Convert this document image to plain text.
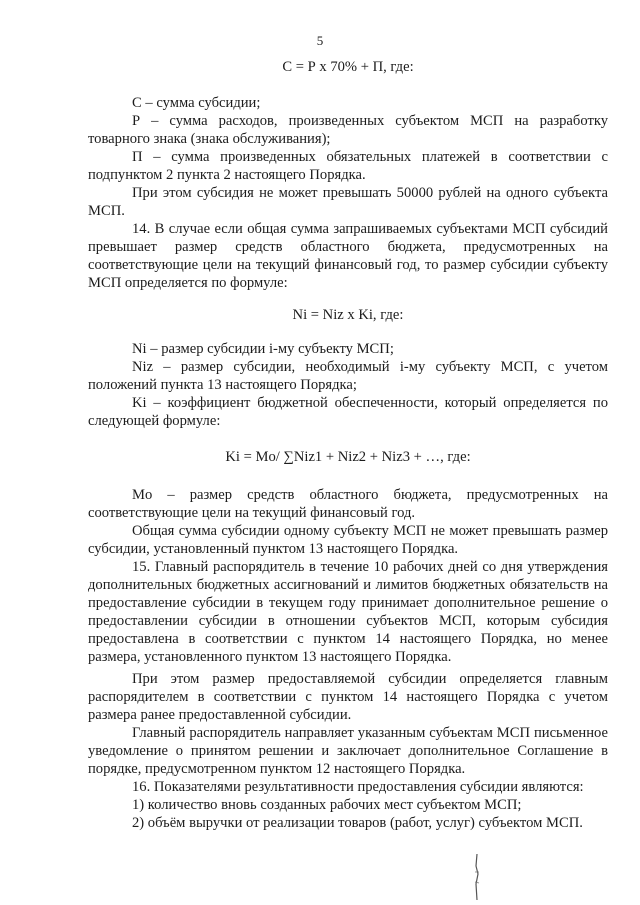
5
С = Р х 70% + П, где:

С – сумма субсидии;

Р – сумма расходов, произведенных субъектом МСП на разработку товарного знака (знака обслуживания);

П – сумма произведенных обязательных платежей в соответствии с подпунктом 2 пункта 2 настоящего Порядка.

При этом субсидия не может превышать 50000 рублей на одного субъекта МСП.

14. В случае если общая сумма запрашиваемых субъектами МСП субсидий превышает размер средств областного бюджета, предусмотренных на соответствующие цели на текущий финансовый год, то размер субсидии субъекту МСП определяется по формуле:

Ni = Niz x Ki, где:

Ni – размер субсидии i-му субъекту МСП;

Niz – размер субсидии, необходимый i-му субъекту МСП, с учетом положений пункта 13 настоящего Порядка;

Ki – коэффициент бюджетной обеспеченности, который определяется по следующей формуле:

Ki = Mo/ ∑Niz1 + Niz2 + Niz3 + …, где:

Mo – размер средств областного бюджета, предусмотренных на соответствующие цели на текущий финансовый год.

Общая сумма субсидии одному субъекту МСП не может превышать размер субсидии, установленный пунктом 13 настоящего Порядка.

15. Главный распорядитель в течение 10 рабочих дней со дня утверждения дополнительных бюджетных ассигнований и лимитов бюджетных обязательств на предоставление субсидии в текущем году принимает дополнительное решение о предоставлении субсидии в отношении субъектов МСП, которым субсидия предоставлена в соответствии с пунктом 14 настоящего Порядка, но менее размера, установленного пунктом 13 настоящего Порядка.

При этом размер предоставляемой субсидии определяется главным распорядителем в соответствии с пунктом 14 настоящего Порядка с учетом размера ранее предоставленной субсидии.

Главный распорядитель направляет указанным субъектам МСП письменное уведомление о принятом решении и заключает дополнительное Соглашение в порядке, предусмотренном пунктом 12 настоящего Порядка.

16. Показателями результативности предоставления субсидии являются:

1) количество вновь созданных рабочих мест субъектом МСП;

2) объём выручки от реализации товаров (работ, услуг) субъектом МСП.
